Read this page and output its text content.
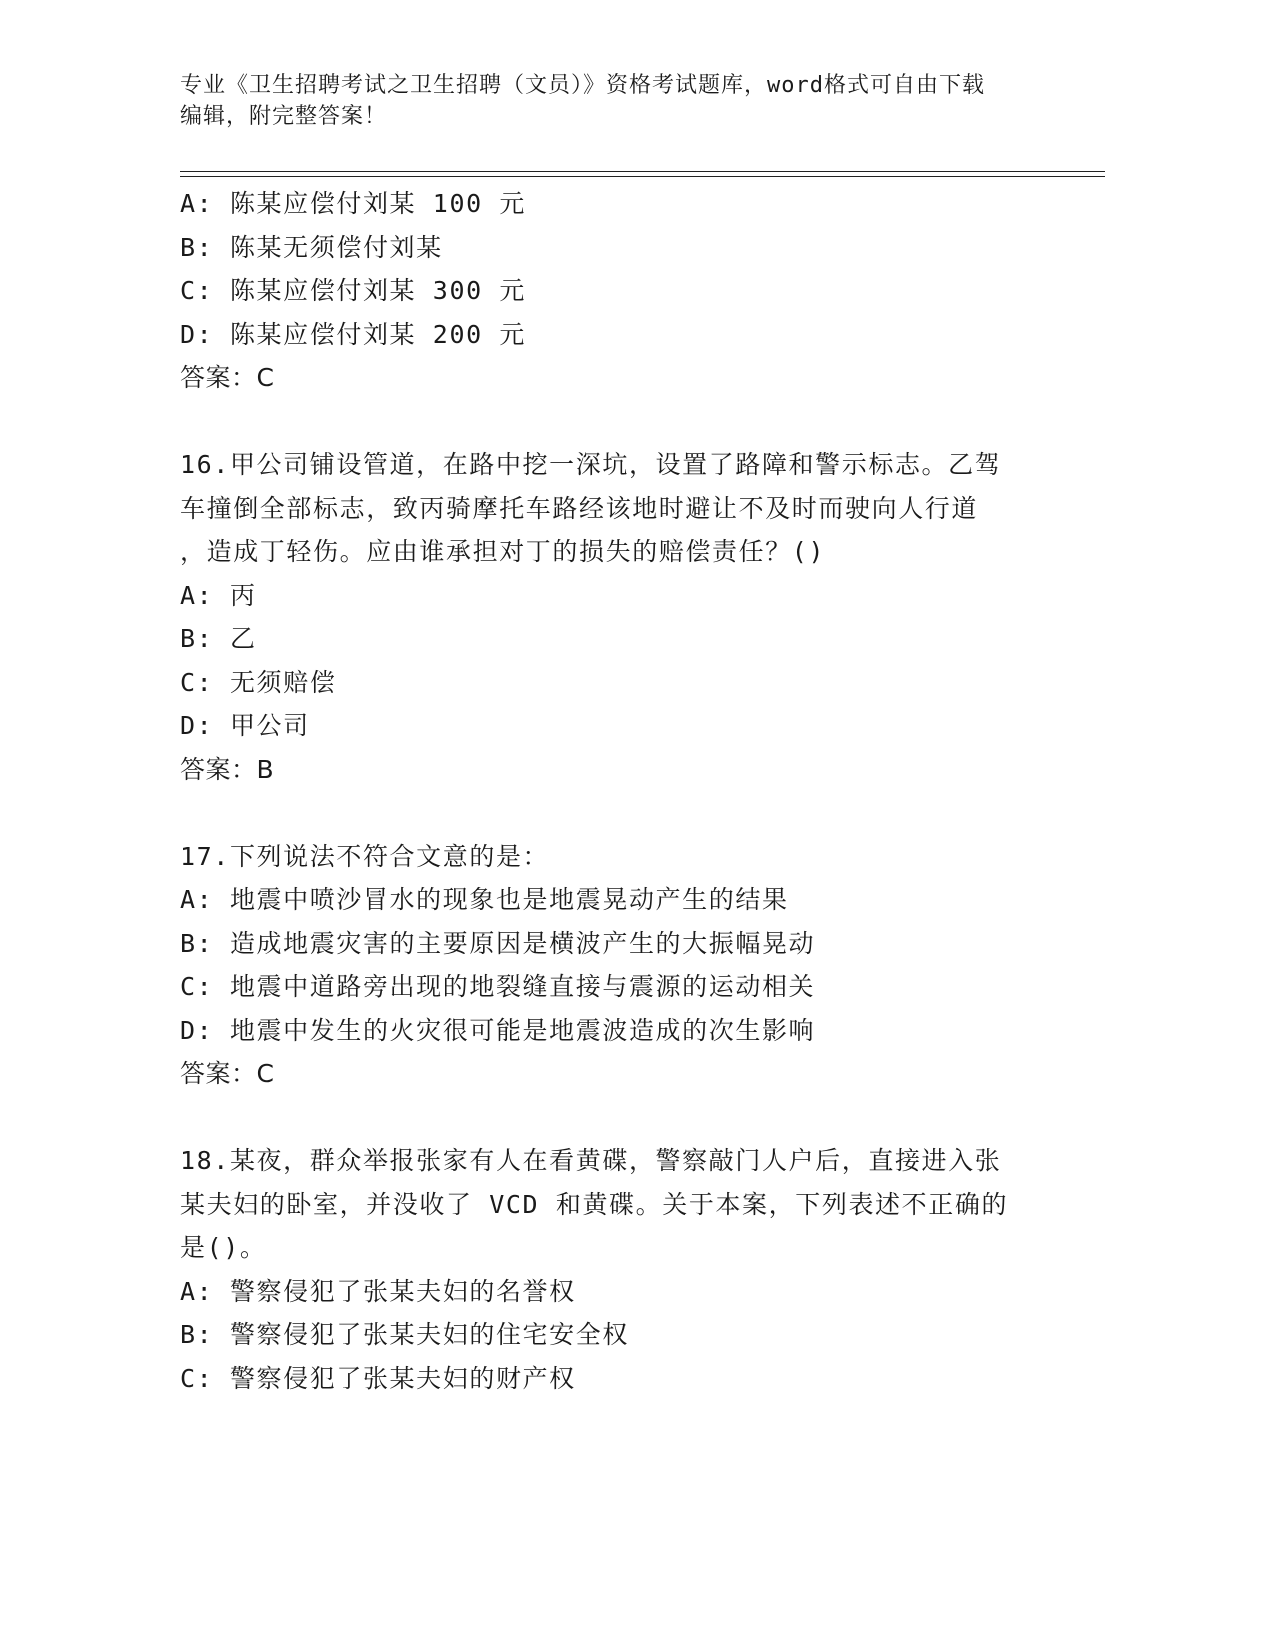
专业《卫生招聘考试之卫生招聘（文员）》资格考试题库，word格式可自由下载
编辑，附完整答案！
A: 陈某应偿付刘某 100 元
B: 陈某无须偿付刘某
C: 陈某应偿付刘某 300 元
D: 陈某应偿付刘某 200 元
答案：C
16.甲公司铺设管道，在路中挖一深坑，设置了路障和警示标志。乙驾
车撞倒全部标志，致丙骑摩托车路经该地时避让不及时而驶向人行道
，造成丁轻伤。应由谁承担对丁的损失的赔偿责任？()
A: 丙
B: 乙
C: 无须赔偿
D: 甲公司
答案：B
17.下列说法不符合文意的是：
A: 地震中喷沙冒水的现象也是地震晃动产生的结果
B: 造成地震灾害的主要原因是横波产生的大振幅晃动
C: 地震中道路旁出现的地裂缝直接与震源的运动相关
D: 地震中发生的火灾很可能是地震波造成的次生影响
答案：C
18.某夜，群众举报张家有人在看黄碟，警察敲门人户后，直接进入张
某夫妇的卧室，并没收了 VCD 和黄碟。关于本案，下列表述不正确的
是()。
A: 警察侵犯了张某夫妇的名誉权
B: 警察侵犯了张某夫妇的住宅安全权
C: 警察侵犯了张某夫妇的财产权
